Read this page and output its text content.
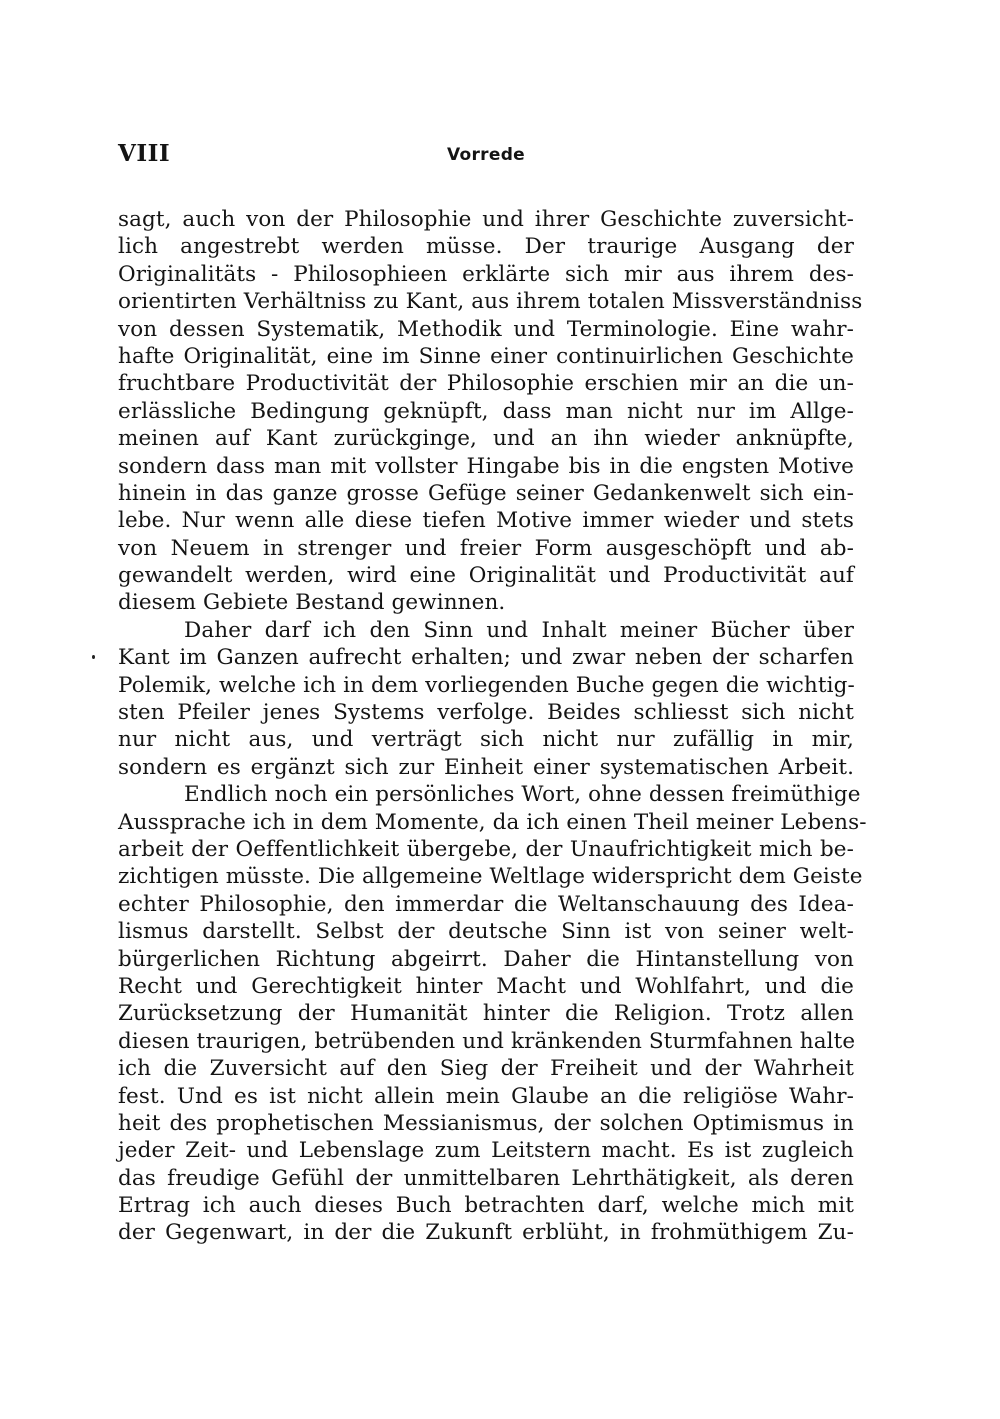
VIII	Vorrede
sagt, auch von der Philosophie und ihrer Geschichte zuversicht-
lich angestrebt werden müsse. Der traurige Ausgang der
Originalitäts - Philosophieen erklärte sich mir aus ihrem des-
orientirten Verhältniss zu Kant, aus ihrem totalen Missverständniss
von dessen Systematik, Methodik und Terminologie. Eine wahr-
hafte Originalität, eine im Sinne einer continuirlichen Geschichte
fruchtbare Productivität der Philosophie erschien mir an die un-
erlässliche Bedingung geknüpft, dass man nicht nur im Allge-
meinen auf Kant zurückginge, und an ihn wieder anknüpfte,
sondern dass man mit vollster Hingabe bis in die engsten Motive
hinein in das ganze grosse Gefüge seiner Gedankenwelt sich ein-
lebe. Nur wenn alle diese tiefen Motive immer wieder und stets
von Neuem in strenger und freier Form ausgeschöpft und ab-
gewandelt werden, wird eine Originalität und Productivität auf
diesem Gebiete Bestand gewinnen.
Daher darf ich den Sinn und Inhalt meiner Bücher über
Kant im Ganzen aufrecht erhalten; und zwar neben der scharfen
Polemik, welche ich in dem vorliegenden Buche gegen die wichtig-
sten Pfeiler jenes Systems verfolge. Beides schliesst sich nicht
nur nicht aus, und verträgt sich nicht nur zufällig in mir,
sondern es ergänzt sich zur Einheit einer systematischen Arbeit.
Endlich noch ein persönliches Wort, ohne dessen freimüthige
Aussprache ich in dem Momente, da ich einen Theil meiner Lebens-
arbeit der Oeffentlichkeit übergebe, der Unaufrichtigkeit mich be-
zichtigen müsste. Die allgemeine Weltlage widerspricht dem Geiste
echter Philosophie, den immerdar die Weltanschauung des Idea-
lismus darstellt. Selbst der deutsche Sinn ist von seiner welt-
bürgerlichen Richtung abgeirrt. Daher die Hintanstellung von
Recht und Gerechtigkeit hinter Macht und Wohlfahrt, und die
Zurücksetzung der Humanität hinter die Religion. Trotz allen
diesen traurigen, betrübenden und kränkenden Sturmfahnen halte
ich die Zuversicht auf den Sieg der Freiheit und der Wahrheit
fest. Und es ist nicht allein mein Glaube an die religiöse Wahr-
heit des prophetischen Messianismus, der solchen Optimismus in
jeder Zeit- und Lebenslage zum Leitstern macht. Es ist zugleich
das freudige Gefühl der unmittelbaren Lehrthätigkeit, als deren
Ertrag ich auch dieses Buch betrachten darf, welche mich mit
der Gegenwart, in der die Zukunft erblüht, in frohmüthigem Zu-
